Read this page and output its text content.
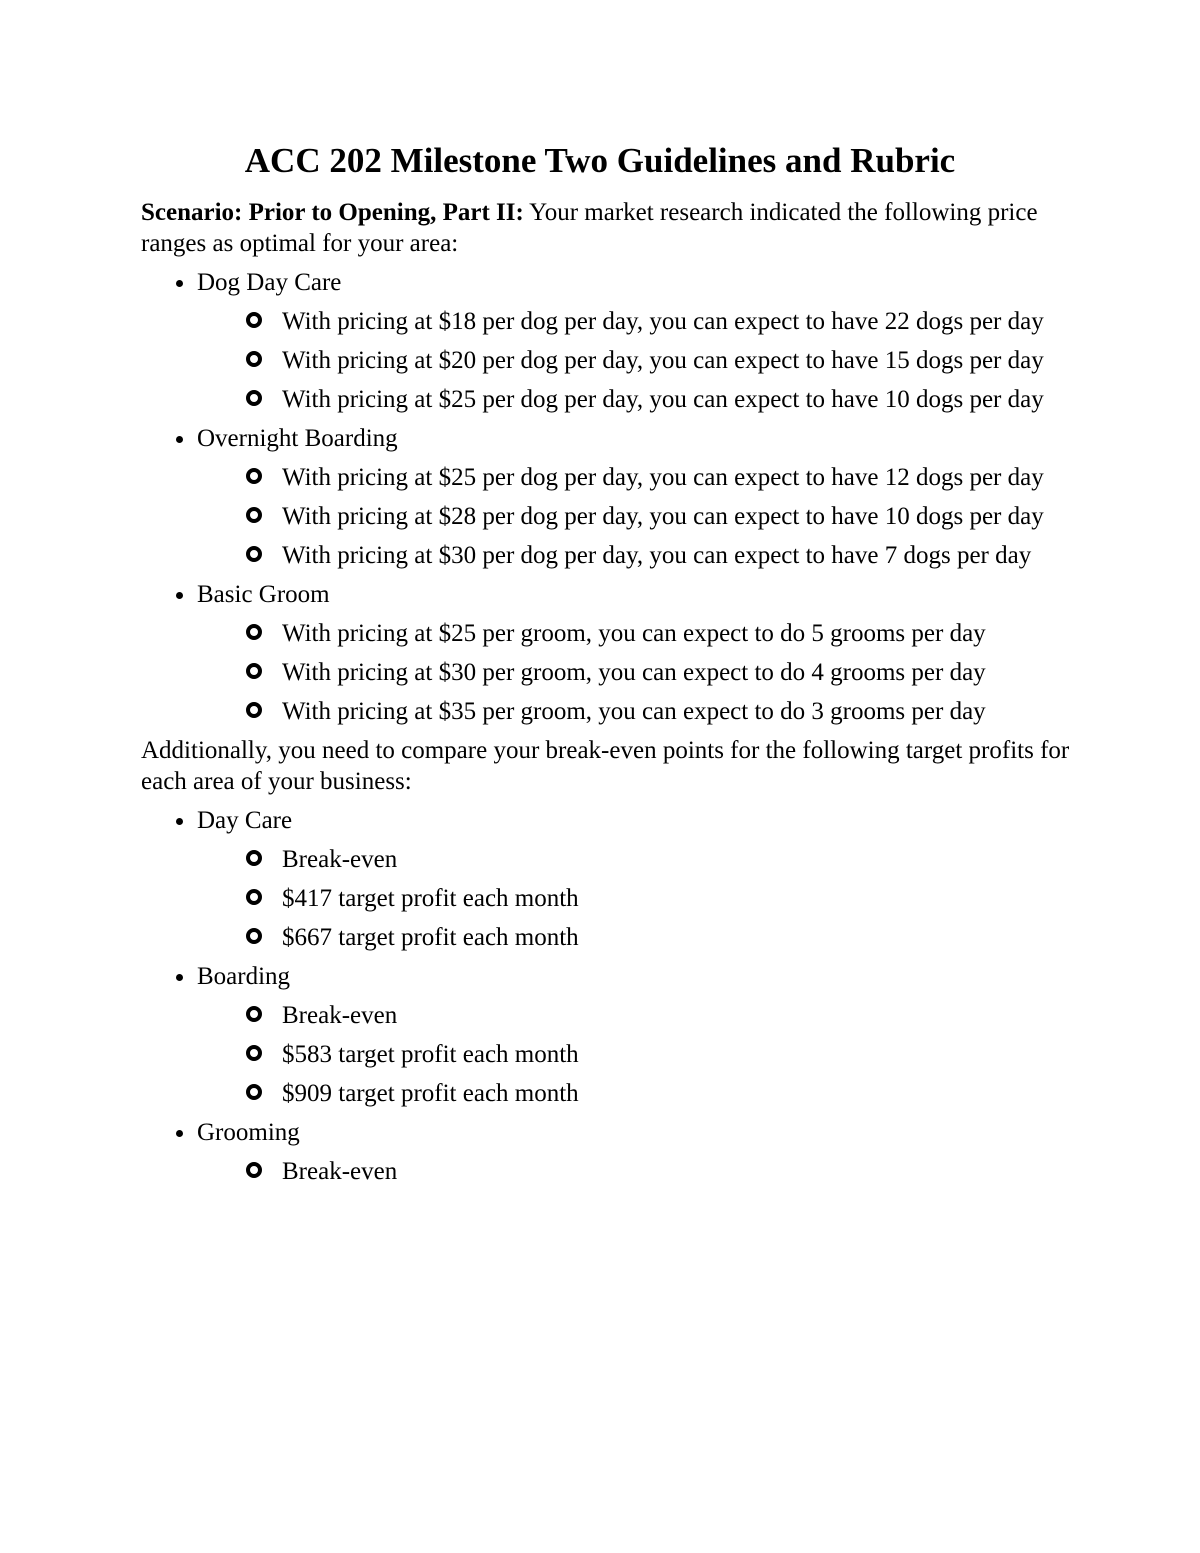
ACC 202 Milestone Two Guidelines and Rubric

Scenario: Prior to Opening, Part II: Your market research indicated the following price ranges as optimal for your area:

Dog Day Care
With pricing at $18 per dog per day, you can expect to have 22 dogs per day
With pricing at $20 per dog per day, you can expect to have 15 dogs per day
With pricing at $25 per dog per day, you can expect to have 10 dogs per day
Overnight Boarding
With pricing at $25 per dog per day, you can expect to have 12 dogs per day
With pricing at $28 per dog per day, you can expect to have 10 dogs per day
With pricing at $30 per dog per day, you can expect to have 7 dogs per day
Basic Groom
With pricing at $25 per groom, you can expect to do 5 grooms per day
With pricing at $30 per groom, you can expect to do 4 grooms per day
With pricing at $35 per groom, you can expect to do 3 grooms per day

Additionally, you need to compare your break-even points for the following target profits for each area of your business:

Day Care
Break-even
$417 target profit each month
$667 target profit each month
Boarding
Break-even
$583 target profit each month
$909 target profit each month
Grooming
Break-even
